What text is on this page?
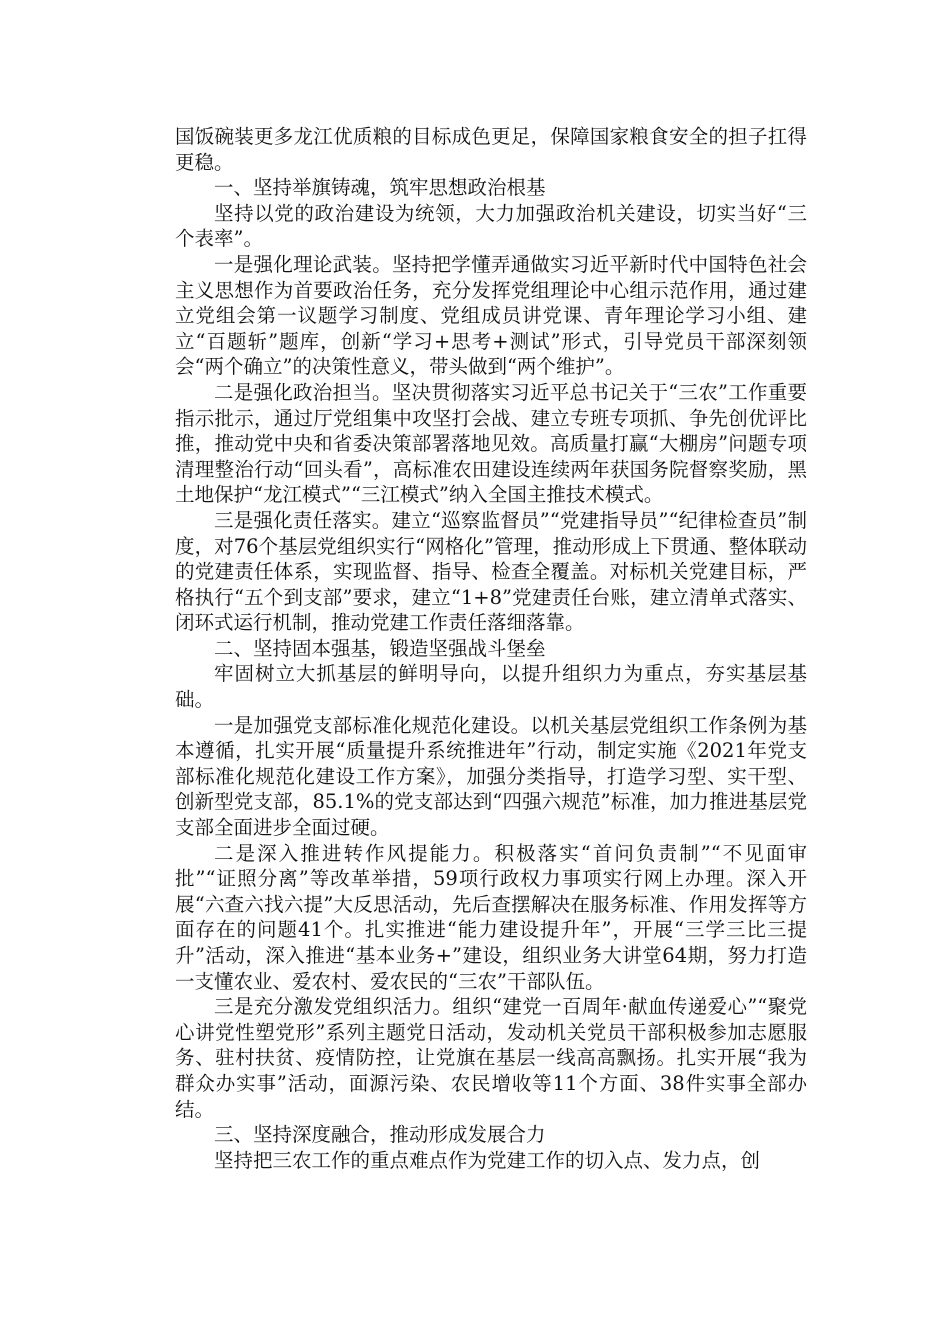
国饭碗装更多龙江优质粮的目标成色更足，保障国家粮食安全的担子扛得更稳。

一、坚持举旗铸魂，筑牢思想政治根基

坚持以党的政治建设为统领，大力加强政治机关建设，切实当好“三个表率”。

一是强化理论武装。坚持把学懂弄通做实习近平新时代中国特色社会主义思想作为首要政治任务，充分发挥党组理论中心组示范作用，通过建立党组会第一议题学习制度、党组成员讲党课、青年理论学习小组、建立“百题斩”题库，创新“学习+思考+测试”形式，引导党员干部深刻领会“两个确立”的决策性意义，带头做到“两个维护”。

二是强化政治担当。坚决贯彻落实习近平总书记关于“三农”工作重要指示批示，通过厅党组集中攻坚打会战、建立专班专项抓、争先创优评比推，推动党中央和省委决策部署落地见效。高质量打赢“大棚房”问题专项清理整治行动“回头看”，高标准农田建设连续两年获国务院督察奖励，黑土地保护“龙江模式”“三江模式”纳入全国主推技术模式。

三是强化责任落实。建立“巡察监督员”“党建指导员”“纪律检查员”制度，对76个基层党组织实行“网格化”管理，推动形成上下贯通、整体联动的党建责任体系，实现监督、指导、检查全覆盖。对标机关党建目标，严格执行“五个到支部”要求，建立“1+8”党建责任台账，建立清单式落实、闭环式运行机制，推动党建工作责任落细落靠。

二、坚持固本强基，锻造坚强战斗堡垒

牢固树立大抓基层的鲜明导向，以提升组织力为重点，夯实基层基础。

一是加强党支部标准化规范化建设。以机关基层党组织工作条例为基本遵循，扎实开展“质量提升系统推进年”行动，制定实施《2021年党支部标准化规范化建设工作方案》，加强分类指导，打造学习型、实干型、创新型党支部，85.1%的党支部达到“四强六规范”标准，加力推进基层党支部全面进步全面过硬。

二是深入推进转作风提能力。积极落实“首问负责制”“不见面审批”“证照分离”等改革举措，59项行政权力事项实行网上办理。深入开展“六查六找六提”大反思活动，先后查摆解决在服务标准、作用发挥等方面存在的问题41个。扎实推进“能力建设提升年”，开展“三学三比三提升”活动，深入推进“基本业务+”建设，组织业务大讲堂64期，努力打造一支懂农业、爱农村、爱农民的“三农”干部队伍。

三是充分激发党组织活力。组织“建党一百周年·献血传递爱心”“聚党心讲党性塑党形”系列主题党日活动，发动机关党员干部积极参加志愿服务、驻村扶贫、疫情防控，让党旗在基层一线高高飘扬。扎实开展“我为群众办实事”活动，面源污染、农民增收等11个方面、38件实事全部办结。

三、坚持深度融合，推动形成发展合力

坚持把三农工作的重点难点作为党建工作的切入点、发力点，创
